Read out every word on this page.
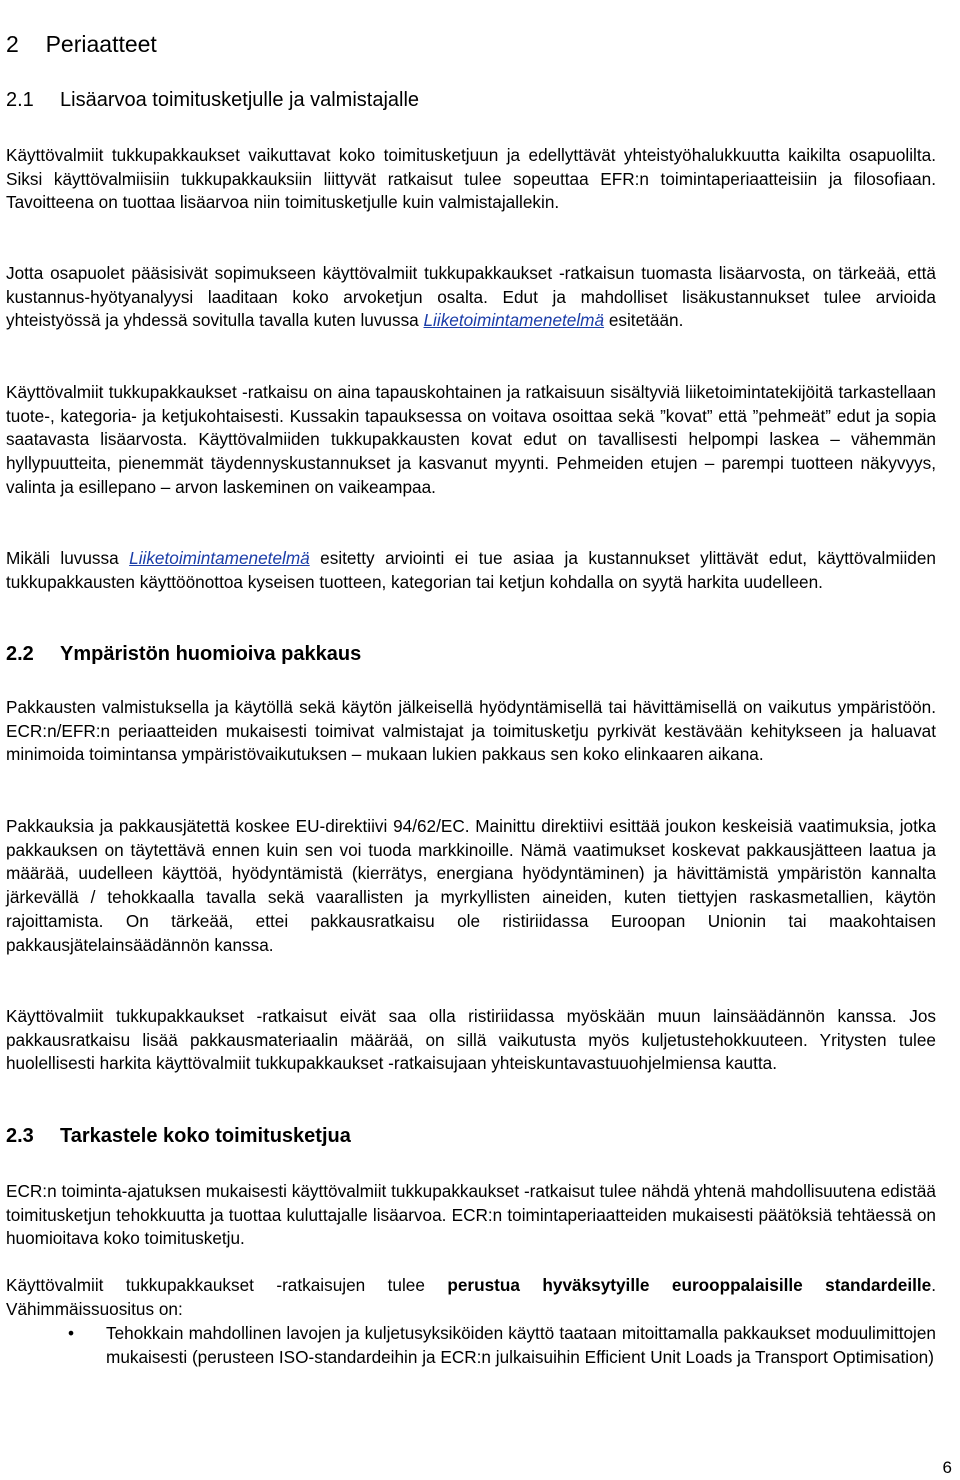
2 Periaatteet
2.1 Lisäarvoa toimitusketjulle ja valmistajalle

Käyttövalmiit tukkupakkaukset vaikuttavat koko toimitusketjuun ja edellyttävät yhteistyöhalukkuutta kaikilta osapuolilta. Siksi käyttövalmiisiin tukkupakkauksiin liittyvät ratkaisut tulee sopeuttaa EFR:n toimintaperiaatteisiin ja filosofiaan. Tavoitteena on tuottaa lisäarvoa niin toimitusketjulle kuin valmistajallekin.

Jotta osapuolet pääsisivät sopimukseen käyttövalmiit tukkupakkaukset -ratkaisun tuomasta lisäarvosta, on tärkeää, että kustannus-hyötyanalyysi laaditaan koko arvoketjun osalta. Edut ja mahdolliset lisäkustannukset tulee arvioida yhteistyössä ja yhdessä sovitulla tavalla kuten luvussa Liiketoimintamenetelmä esitetään.

Käyttövalmiit tukkupakkaukset -ratkaisu on aina tapauskohtainen ja ratkaisuun sisältyviä liiketoimintatekijöitä tarkastellaan tuote-, kategoria- ja ketjukohtaisesti. Kussakin tapauksessa on voitava osoittaa sekä ”kovat” että ”pehmeät” edut ja sopia saatavasta lisäarvosta. Käyttövalmiiden tukkupakkausten kovat edut on tavallisesti helpompi laskea – vähemmän hyllypuutteita, pienemmät täydennyskustannukset ja kasvanut myynti. Pehmeiden etujen – parempi tuotteen näkyvyys, valinta ja esillepano – arvon laskeminen on vaikeampaa.

Mikäli luvussa Liiketoimintamenetelmä esitetty arviointi ei tue asiaa ja kustannukset ylittävät edut, käyttövalmiiden tukkupakkausten käyttöönottoa kyseisen tuotteen, kategorian tai ketjun kohdalla on syytä harkita uudelleen.

2.2 Ympäristön huomioiva pakkaus

Pakkausten valmistuksella ja käytöllä sekä käytön jälkeisellä hyödyntämisellä tai hävittämisellä on vaikutus ympäristöön. ECR:n/EFR:n periaatteiden mukaisesti toimivat valmistajat ja toimitusketju pyrkivät kestävään kehitykseen ja haluavat minimoida toimintansa ympäristövaikutuksen – mukaan lukien pakkaus sen koko elinkaaren aikana.

Pakkauksia ja pakkausjätettä koskee EU-direktiivi 94/62/EC. Mainittu direktiivi esittää joukon keskeisiä vaatimuksia, jotka pakkauksen on täytettävä ennen kuin sen voi tuoda markkinoille. Nämä vaatimukset koskevat pakkausjätteen laatua ja määrää, uudelleen käyttöä, hyödyntämistä (kierrätys, energiana hyödyntäminen) ja hävittämistä ympäristön kannalta järkevällä / tehokkaalla tavalla sekä vaarallisten ja myrkyllisten aineiden, kuten tiettyjen raskasmetallien, käytön rajoittamista. On tärkeää, ettei pakkausratkaisu ole ristiriidassa Euroopan Unionin tai maakohtaisen pakkausjätelainsäädännön kanssa.

Käyttövalmiit tukkupakkaukset -ratkaisut eivät saa olla ristiriidassa myöskään muun lainsäädännön kanssa. Jos pakkausratkaisu lisää pakkausmateriaalin määrää, on sillä vaikutusta myös kuljetustehokkuuteen. Yritysten tulee huolellisesti harkita käyttövalmiit tukkupakkaukset -ratkaisujaan yhteiskuntavastuuohjelmiensa kautta.

2.3 Tarkastele koko toimitusketjua

ECR:n toiminta-ajatuksen mukaisesti käyttövalmiit tukkupakkaukset -ratkaisut tulee nähdä yhtenä mahdollisuutena edistää toimitusketjun tehokkuutta ja tuottaa kuluttajalle lisäarvoa. ECR:n toimintaperiaatteiden mukaisesti päätöksiä tehtäessä on huomioitava koko toimitusketju.

Käyttövalmiit tukkupakkaukset -ratkaisujen tulee perustua hyväksytyille eurooppalaisille standardeille. Vähimmäissuositus on:

• Tehokkain mahdollinen lavojen ja kuljetusyksiköiden käyttö taataan mitoittamalla pakkaukset moduulimittojen mukaisesti (perusteen ISO-standardeihin ja ECR:n julkaisuihin Efficient Unit Loads ja Transport Optimisation)
6
